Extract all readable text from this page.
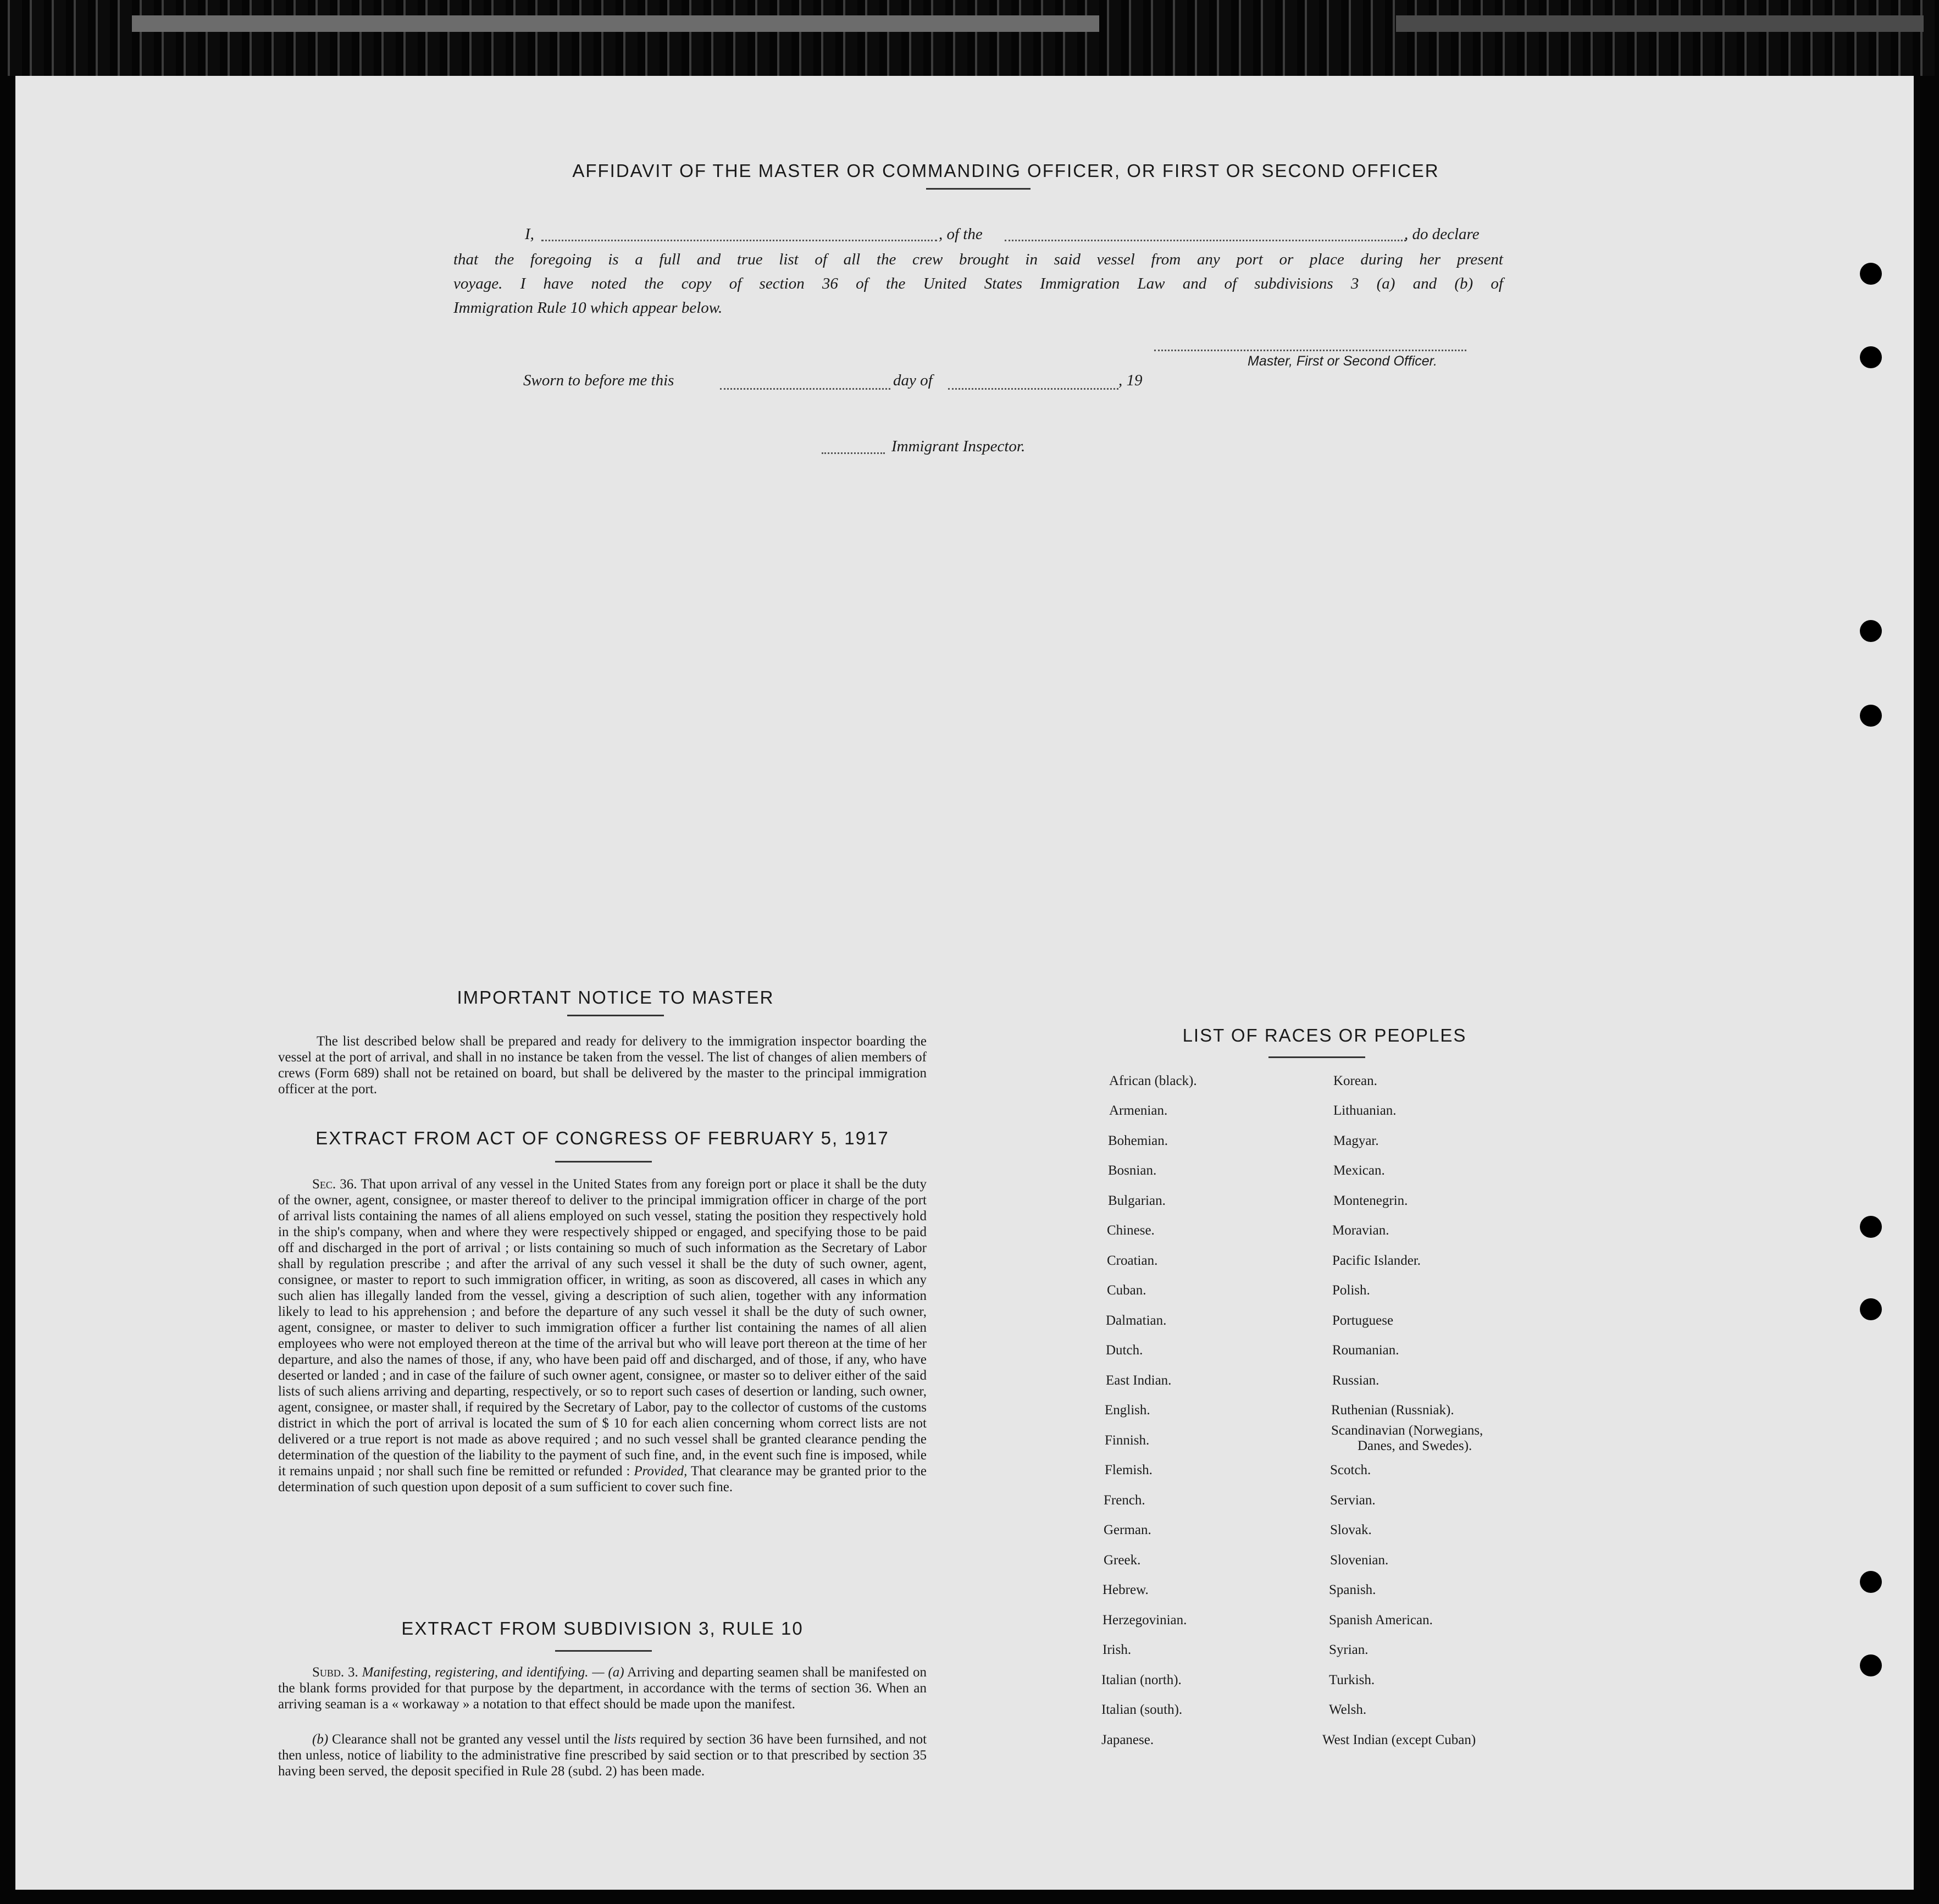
AFFIDAVIT OF THE MASTER OR COMMANDING OFFICER, OR FIRST OR SECOND OFFICER
I,	, of the	, do declare
that the foregoing is a full and true list of all the crew brought in said vessel from any port or place during her present
voyage. I have noted the copy of section 36 of the United States Immigration Law and of subdivisions 3 (a) and (b) of
Immigration Rule 10 which appear below.
Master, First or Second Officer.
Sworn to before me this	day of	, 19
Immigrant Inspector.
IMPORTANT NOTICE TO MASTER
The list described below shall be prepared and ready for delivery to the immigration inspector boarding the vessel at the port of arrival, and shall in no instance be taken from the vessel. The list of changes of alien members of crews (Form 689) shall not be retained on board, but shall be delivered by the master to the principal immigration officer at the port.
EXTRACT FROM ACT OF CONGRESS OF FEBRUARY 5, 1917
Sec. 36. That upon arrival of any vessel in the United States from any foreign port or place it shall be the duty of the owner, agent, consignee, or master thereof to deliver to the principal immigration officer in charge of the port of arrival lists containing the names of all aliens employed on such vessel, stating the position they respectively hold in the ship's company, when and where they were respectively shipped or engaged, and specifying those to be paid off and discharged in the port of arrival ; or lists containing so much of such information as the Secretary of Labor shall by regulation prescribe ; and after the arrival of any such vessel it shall be the duty of such owner, agent, consignee, or master to report to such immigration officer, in writing, as soon as discovered, all cases in which any such alien has illegally landed from the vessel, giving a description of such alien, together with any information likely to lead to his apprehension ; and before the departure of any such vessel it shall be the duty of such owner, agent, consignee, or master to deliver to such immigration officer a further list containing the names of all alien employees who were not employed thereon at the time of the arrival but who will leave port thereon at the time of her departure, and also the names of those, if any, who have been paid off and discharged, and of those, if any, who have deserted or landed ; and in case of the failure of such owner agent, consignee, or master so to deliver either of the said lists of such aliens arriving and departing, respectively, or so to report such cases of desertion or landing, such owner, agent, consignee, or master shall, if required by the Secretary of Labor, pay to the collector of customs of the customs district in which the port of arrival is located the sum of $ 10 for each alien concerning whom correct lists are not delivered or a true report is not made as above required ; and no such vessel shall be granted clearance pending the determination of the question of the liability to the payment of such fine, and, in the event such fine is imposed, while it remains unpaid ; nor shall such fine be remitted or refunded : Provided, That clearance may be granted prior to the determination of such question upon deposit of a sum sufficient to cover such fine.
EXTRACT FROM SUBDIVISION 3, RULE 10
Subd. 3. Manifesting, registering, and identifying. — (a) Arriving and departing seamen shall be manifested on the blank forms provided for that purpose by the department, in accordance with the terms of section 36. When an arriving seaman is a « workaway » a notation to that effect should be made upon the manifest.
(b) Clearance shall not be granted any vessel until the lists required by section 36 have been furnsihed, and not then unless, notice of liability to the administrative fine prescribed by said section or to that prescribed by section 35 having been served, the deposit specified in Rule 28 (subd. 2) has been made.
LIST OF RACES OR PEOPLES
African (black).
Armenian.
Bohemian.
Bosnian.
Bulgarian.
Chinese.
Croatian.
Cuban.
Dalmatian.
Dutch.
East Indian.
English.
Finnish.
Flemish.
French.
German.
Greek.
Hebrew.
Herzegovinian.
Irish.
Italian (north).
Italian (south).
Japanese.
Korean.
Lithuanian.
Magyar.
Mexican.
Montenegrin.
Moravian.
Pacific Islander.
Polish.
Portuguese
Roumanian.
Russian.
Ruthenian (Russniak).
Scandinavian (Norwegians,
Danes, and Swedes).
Scotch.
Servian.
Slovak.
Slovenian.
Spanish.
Spanish American.
Syrian.
Turkish.
Welsh.
West Indian (except Cuban)
